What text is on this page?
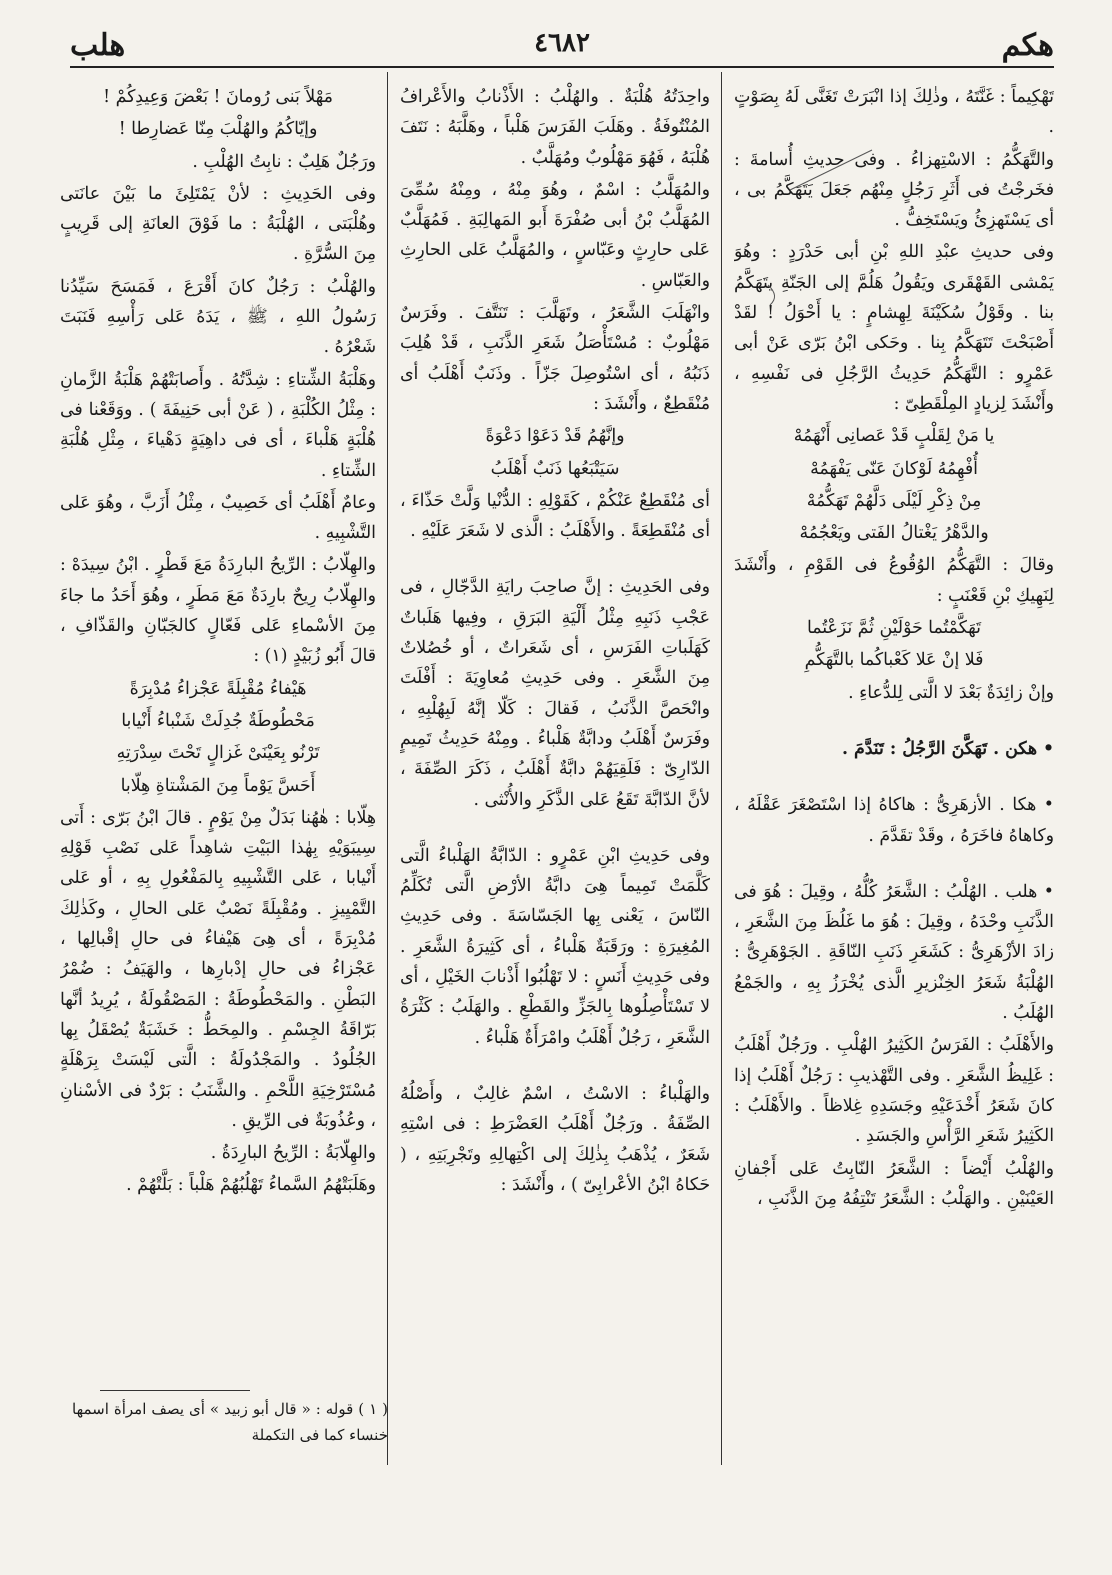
هكم
٤٦٨٢
هلب

تَهْكِيماً : غَنَّتَهُ ، وذٰلِكَ إذا انْبَرَتْ تَغَنَّى لَهُ بِصَوْتٍ .

والتَّهَكُّمُ : الاسْتِهزاءُ . وفى حديثِ أُسامةَ : فخَرجْتُ فى أَثَرِ رَجُلٍ مِنْهُم جَعَلَ يَتَهَكَّمُ بى ، أى يَسْتَهزِئُ ويَسْتَخِفُّ .

وفى حديثِ عبْدِ اللهِ بْنِ أبى حَدْرَدٍ : وهُوَ يَمْشى القَهْقَرى ويَقُولُ هَلُمَّ إلى الجَنّةِ يتَهَكَّمُ بنا . وقَوْلُ سُكَيْنَةَ لِهِشامٍ : يا أَحْوَلُ ! لقَدْ أَصْبَحْتَ تَتَهَكَّمُ بِنا . وحَكى ابْنُ بَرّى عَنْ أبى عَمْرٍو : التَّهَكُّمُ حَدِيثُ الرَّجُلِ فى نَفْسِهِ ، وأَنْشَدَ لِزيادٍ المِلْقَطِىّ :

يا مَنْ لِقَلْبٍ قَدْ عَصانِى أَنْهَمُهْ

أُفْهِمُهُ لَوْكانَ عَنّى يَفْهَمُهْ

مِنْ ذِكْرِ لَيْلَى دَلَّهُمْ تَهَكُّمُهْ

والدَّهْرُ يَغْتالُ الفَتى ويَعْجُمُهْ

وقالَ : التَّهَكُّمُ الوُقُوعُ فى القَوْمِ ، وأَنْشَدَ لِنَهِيكِ بْنِ قَعْنَبٍ :

تَهَكَّمْتُما حَوْلَيْنِ ثُمَّ نَزَعْتُما

فَلا إنْ عَلا كَعْباكُما بالتَّهَكُّمِ

وإنْ زائِدَةٌ بَعْدَ لا الَّتى لِلدُّعاءِ .

• هكن . تَهَكَّنَ الرَّجُلُ : تَنَدَّمَ .

• هكا . الأزهَرِىُّ : هاكاهُ إذا اسْتَصْغَرَ عَقْلَهُ ، وكاهاهُ فاخَرَهُ ، وقَدْ تقَدَّمَ .

• هلب . الهُلْبُ : الشَّعَرُ كُلُّهُ ، وقِيلَ : هُوَ فى الذَّنَبِ وحْدَهُ ، وقِيلَ : هُوَ ما غَلُظَ مِنَ الشَّعَرِ ، زادَ الأزْهَرِىُّ : كَشَعَرِ ذَنَبِ النّاقَةِ . الجَوْهَرِىُّ : الهُلْبَةُ شَعَرُ الخِنْزيرِ الَّذى يُخْرَزُ بِهِ ، والجَمْعُ الهُلَبُ .

والأَهْلَبُ : الفَرَسُ الكَثِيرُ الهُلْبِ . ورَجُلٌ أَهْلَبُ : غَلِيظُ الشَّعَرِ . وفى التَّهْذيبِ : رَجُلٌ أَهْلَبُ إذا كانَ شَعَرُ أَخْدَعَيْهِ وجَسَدِهِ غِلاظاً . والأَهْلَبُ : الكَثِيرُ شَعَرِ الرَّأْسِ والجَسَدِ .

والهُلْبُ أَيْضاً : الشَّعَرُ النّابِتُ عَلى أَجْفانِ العَيْنَيْنِ . والهَلْبُ : الشَّعَرُ تَنْتِفُهُ مِنَ الذَّنَبِ ،

واحِدَتُهُ هُلْبَةٌ . والهُلْبُ : الأَذْنابُ والأَعْرافُ المُنْتُوفَةُ . وهَلَبَ الفَرَسَ هَلْباً ، وهَلَّبَهُ : نَتَفَ هُلْبَهُ ، فَهُوَ مَهْلُوبٌ ومُهَلَّبٌ .

والمُهَلَّبُ : اسْمٌ ، وهُوَ مِنْهُ ، ومِنْهُ سُمِّىَ المُهَلَّبُ بْنُ أبى صُفْرَةَ أَبو المَهالِبَةِ . فَمُهَلَّبٌ عَلى حارِثٍ وعَبّاسٍ ، والمُهَلَّبُ عَلى الحارِثِ والعَبّاسِ .

وانْهَلَبَ الشَّعَرُ ، وتَهَلَّبَ : تَنَتَّفَ . وفَرَسٌ مَهْلُوبٌ : مُسْتَأْصَلُ شَعَرِ الذَّنَبِ ، قَدْ هُلِبَ ذَنَبُهُ ، أى اسْتُوصِلَ جَزّاً . وذَنَبٌ أَهْلَبُ أى مُنْقَطِعٌ ، وأَنْشَدَ :

وإنَّهُمُ قَدْ دَعَوْا دَعْوَةً

سَيَتْبَعُها ذَنَبٌ أَهْلَبُ

أى مُنْقَطِعٌ عَنْكُمْ ، كَقَوْلِهِ : الدُّنْيا وَلَّتْ حَذّاءَ ، أى مُنْقَطِعَةً . والأَهْلَبُ : الَّذى لا شَعَرَ عَلَيْهِ .

وفى الحَدِيثِ : إنَّ صاحِبَ رايَةِ الدَّجّالِ ، فى عَجْبِ ذَنَبِهِ مِثْلُ أَلْيَةِ البَرَقِ ، وفِيها هَلَباتٌ كَهَلَباتِ الفَرَسِ ، أى شَعَراتٌ ، أو خُصُلاتٌ مِنَ الشَّعَرِ . وفى حَدِيثِ مُعاوِيَةَ : أَفْلَتَ وانْحَصَّ الذَّنَبُ ، فَقالَ : كَلّا إنَّهُ لَبِهُلْبِهِ ، وفَرَسٌ أَهْلَبُ ودابَّةٌ هَلْباءُ . ومِنْهُ حَدِيثُ تَمِيمٍ الدّارِىّ : فَلَقِيَهُمْ دابَّةٌ أَهْلَبُ ، ذَكَرَ الصِّفَةَ ، لأنَّ الدّابَّةَ تَقَعُ عَلى الذَّكَرِ والأُنْثى .

وفى حَدِيثِ ابْنِ عَمْرٍو : الدّابَّةُ الهَلْباءُ الَّتى كَلَّمَتْ تَمِيماً هِىَ دابَّةُ الأرْضِ الَّتى تُكَلِّمُ النّاسَ ، يَعْنى بِها الجَسّاسَةَ . وفى حَدِيثِ المُغِيرَةِ : ورَقَبَةٌ هَلْباءُ ، أى كَثِيرَةُ الشَّعَرِ . وفى حَدِيثِ أَنَسٍ : لا تَهْلُبُوا أَذْنابَ الخَيْلِ ، أى لا تَسْتَأْصِلُوها بِالجَزِّ والقَطْعِ . والهَلَبُ : كَثْرَةُ الشَّعَرِ ، رَجُلٌ أَهْلَبُ وامْرَأَةٌ هَلْباءُ .

والهَلْباءُ : الاسْتُ ، اسْمٌ غالِبٌ ، وأَصْلُهُ الصِّفَةُ . ورَجُلٌ أَهْلَبُ العَضْرَطِ : فى اسْتِهِ شَعَرٌ ، يُذْهَبُ بِذٰلِكَ إلى اكْتِهالِهِ وتَجْرِبَتِهِ ، ( حَكاهُ ابْنُ الأعْرابِىّ ) ، وأَنْشَدَ :

مَهْلاً بَنى رُومانَ ! بَعْضَ وَعِيدِكُمْ !

وإيّاكُمُ والهُلْبَ مِنّا عَضارِطا !

ورَجُلٌ هَلِبٌ : نابِتُ الهُلْبِ .

وفى الحَدِيثِ : لأنْ يَمْتَلِئَ ما بَيْنَ عانَتى وهُلْبَتى ، الهُلْبَةُ : ما فَوْقَ العانَةِ إلى قَرِيبٍ مِنَ السُّرَّةِ .

والهُلْبُ : رَجُلٌ كانَ أَقْرَعَ ، فَمَسَحَ سَيِّدُنا رَسُولُ اللهِ ، ﷺ ، يَدَهُ عَلى رَأْسِهِ فَنَبَتَ شَعْرُهُ .

وهَلْبَةُ الشِّتاءِ : شِدَّتُهُ . وأَصابَتْهُمْ هَلْبَةُ الزَّمانِ : مِثْلُ الكُلْبَةِ ، ( عَنْ أبى حَنِيفَةَ ) . ووَقَعْنا فى هُلْبَةٍ هَلْباءَ ، أى فى داهِيَةٍ دَهْياءَ ، مِثْلِ هُلْبَةِ الشِّتاءِ .

وعامٌ أَهْلَبُ أى خَصِيبٌ ، مِثْلُ أَزَبَّ ، وهُوَ عَلى التَّشْبِيهِ .

والهِلّابُ : الرِّيحُ البارِدَةُ مَعَ قَطْرٍ . ابْنُ سِيدَهْ : والهِلّابُ رِيحٌ بارِدَةٌ مَعَ مَطَرٍ ، وهُوَ أَحَدُ ما جاءَ مِنَ الأسْماءِ عَلى فَعّالٍ كالجَبّانِ والقَذّافِ ، قالَ أَبُو زُبَيْدٍ (١) :

هَيْفاءُ مُقْبِلَةً عَجْزاءُ مُدْبِرَةً

مَحْطُوطَةٌ جُدِلَتْ شَنْباءُ أَنْيابا

تَرْنُو بِعَيْنَىْ غَزالٍ تَحْتَ سِدْرَتِهِ

أَحَسَّ يَوْماً مِنَ المَشْتاةِ هِلّابا

هِلّابا : هٰهُنا بَدَلٌ مِنْ يَوْمٍ . قالَ ابْنُ بَرّى : أَتى سِيبَوَيْهِ بِهٰذا البَيْتِ شاهِداً عَلى نَصْبِ قَوْلِهِ أَنْيابا ، عَلى التَّشْبِيهِ بِالمَفْعُولِ بِهِ ، أو عَلى التَّمْيِيزِ . ومُقْبِلَةً نَصْبٌ عَلى الحالِ ، وكَذٰلِكَ مُدْبِرَةً ، أى هِىَ هَيْفاءُ فى حالِ إقْبالِها ، عَجْزاءُ فى حالِ إدْبارِها ، والهَيَفُ : ضُمْرُ البَطْنِ . والمَحْطُوطَةُ : المَصْقُولَةُ ، يُرِيدُ أنَّها بَرّاقَةُ الجِسْمِ . والمِحَطُّ : خَشَبَةٌ يُصْقَلُ بِها الجُلُودُ . والمَجْدُولَةُ : الَّتى لَيْسَتْ بِرَهْلَةٍ مُسْتَرْخِيَةِ اللَّحْمِ . والشَّنَبُ : بَرْدٌ فى الأسْنانِ ، وعُذُوبَةٌ فى الرِّيقِ .

والهِلّابَةُ : الرِّيحُ البارِدَةُ .

وهَلَبَتْهُمُ السَّماءُ تَهْلُبُهُمْ هَلْباً : بَلَّتْهُمْ .

( ١ ) قوله : « قال أبو زبيد » أى يصف امرأة اسمها خنساء كما فى التكملة
